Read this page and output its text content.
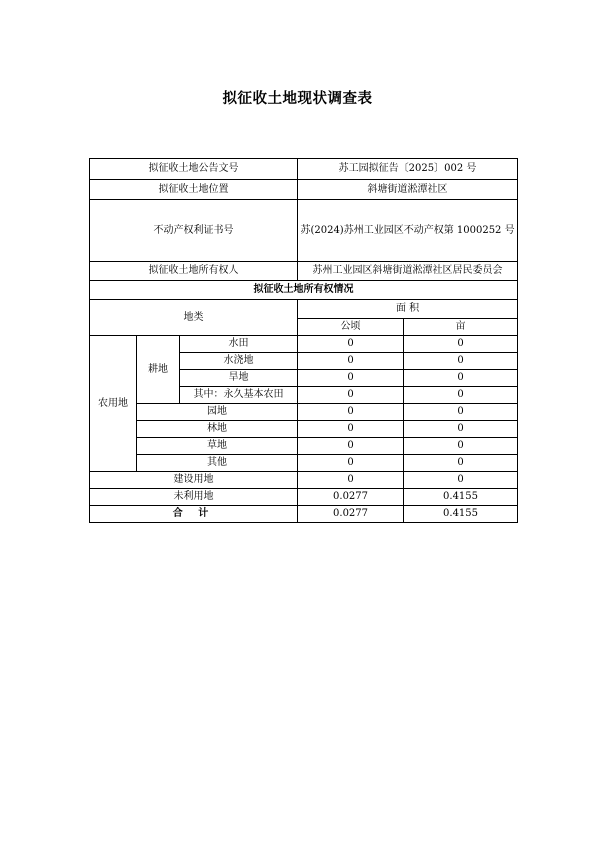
拟征收土地现状调查表
拟征收土地公告文号			苏工园拟征告〔2025〕002 号	
拟征收土地位置			斜塘街道淞潭社区	
不动产权利证书号			苏(2024)苏州工业园区不动产权第 1000252 号	
拟征收土地所有权人			苏州工业园区斜塘街道淞潭社区居民委员会	
拟征收土地所有权情况				
地类			面 积	
			公顷	亩
农用地	耕地	水田	0	0
		水浇地	0	0
		旱地	0	0
		其中：永久基本农田	0	0
	园地		0	0
	林地		0	0
	草地		0	0
	其他		0	0
建设用地			0	0
未利用地			0.0277	0.4155
合 计			0.0277	0.4155
